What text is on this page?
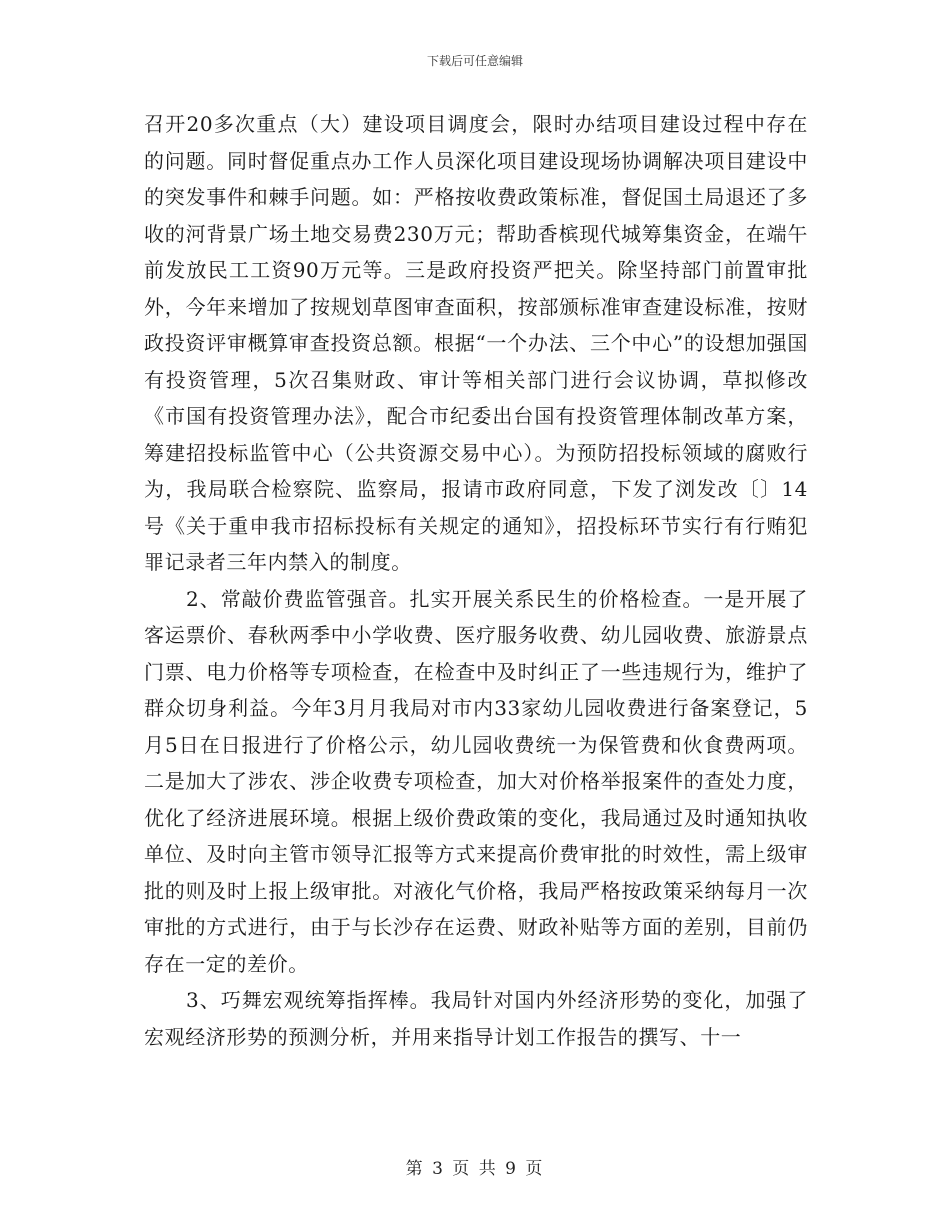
下载后可任意编辑

召开20多次重点（大）建设项目调度会，限时办结项目建设过程中存在的问题。同时督促重点办工作人员深化项目建设现场协调解决项目建设中的突发事件和棘手问题。如：严格按收费政策标准，督促国土局退还了多收的河背景广场土地交易费230万元；帮助香槟现代城筹集资金，在端午前发放民工工资90万元等。三是政府投资严把关。除坚持部门前置审批外，今年来增加了按规划草图审查面积，按部颁标准审查建设标准，按财政投资评审概算审查投资总额。根据“一个办法、三个中心”的设想加强国有投资管理，5次召集财政、审计等相关部门进行会议协调，草拟修改《市国有投资管理办法》，配合市纪委出台国有投资管理体制改革方案，筹建招投标监管中心（公共资源交易中心）。为预防招投标领域的腐败行为，我局联合检察院、监察局，报请市政府同意，下发了浏发改〔〕14号《关于重申我市招标投标有关规定的通知》，招投标环节实行有行贿犯罪记录者三年内禁入的制度。

2、常敲价费监管强音。扎实开展关系民生的价格检查。一是开展了客运票价、春秋两季中小学收费、医疗服务收费、幼儿园收费、旅游景点门票、电力价格等专项检查，在检查中及时纠正了一些违规行为，维护了群众切身利益。今年3月月我局对市内33家幼儿园收费进行备案登记，5月5日在日报进行了价格公示，幼儿园收费统一为保管费和伙食费两项。二是加大了涉农、涉企收费专项检查，加大对价格举报案件的查处力度，优化了经济进展环境。根据上级价费政策的变化，我局通过及时通知执收单位、及时向主管市领导汇报等方式来提高价费审批的时效性，需上级审批的则及时上报上级审批。对液化气价格，我局严格按政策采纳每月一次审批的方式进行，由于与长沙存在运费、财政补贴等方面的差别，目前仍存在一定的差价。

3、巧舞宏观统筹指挥棒。我局针对国内外经济形势的变化，加强了宏观经济形势的预测分析，并用来指导计划工作报告的撰写、十一

第 3 页 共 9 页
